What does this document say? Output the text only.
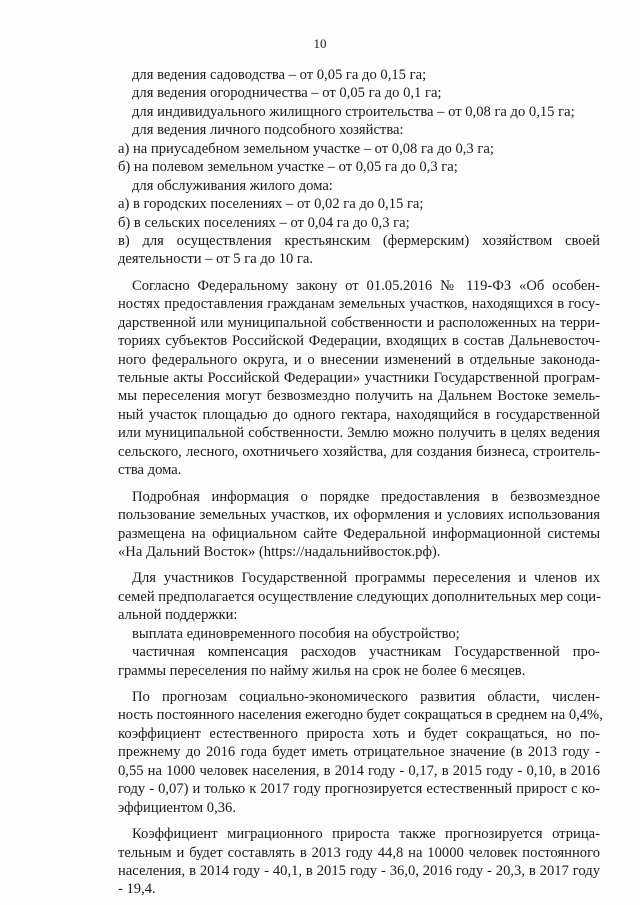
10
для ведения садоводства – от 0,05 га до 0,15 га;
для ведения огородничества – от 0,05 га до 0,1 га;
для индивидуального жилищного строительства – от 0,08 га до 0,15 га;
для ведения личного подсобного хозяйства:
а) на приусадебном земельном участке – от 0,08 га до 0,3 га;
б) на полевом земельном участке – от 0,05 га до 0,3 га;
для обслуживания жилого дома:
а) в городских поселениях – от 0,02 га до 0,15 га;
б) в сельских поселениях – от 0,04 га до 0,3 га;
в) для осуществления крестьянским (фермерским) хозяйством своей
деятельности – от 5 га до 10 га.
Согласно Федеральному закону от 01.05.2016 № 119-ФЗ «Об особен-
ностях предоставления гражданам земельных участков, находящихся в госу-
дарственной или муниципальной собственности и расположенных на терри-
ториях субъектов Российской Федерации, входящих в состав Дальневосточ-
ного федерального округа, и о внесении изменений в отдельные законода-
тельные акты Российской Федерации» участники Государственной програм-
мы переселения могут безвозмездно получить на Дальнем Востоке земель-
ный участок площадью до одного гектара, находящийся в государственной
или муниципальной собственности. Землю можно получить в целях ведения
сельского, лесного, охотничьего хозяйства, для создания бизнеса, строитель-
ства дома.
Подробная информация о порядке предоставления в безвозмездное
пользование земельных участков, их оформления и условиях использования
размещена на официальном сайте Федеральной информационной системы
«На Дальний Восток» (https://надальнийвосток.рф).
Для участников Государственной программы переселения и членов их
семей предполагается осуществление следующих дополнительных мер соци-
альной поддержки:
выплата единовременного пособия на обустройство;
частичная компенсация расходов участникам Государственной про-
граммы переселения по найму жилья на срок не более 6 месяцев.
По прогнозам социально-экономического развития области, числен-
ность постоянного населения ежегодно будет сокращаться в среднем на 0,4%,
коэффициент естественного прироста хоть и будет сокращаться, но по-
прежнему до 2016 года будет иметь отрицательное значение (в 2013 году -
0,55 на 1000 человек населения, в 2014 году - 0,17, в 2015 году - 0,10, в 2016
году - 0,07) и только к 2017 году прогнозируется естественный прирост с ко-
эффициентом 0,36.
Коэффициент миграционного прироста также прогнозируется отрица-
тельным и будет составлять в 2013 году 44,8 на 10000 человек постоянного
населения, в 2014 году - 40,1, в 2015 году - 36,0, 2016 году - 20,3, в 2017 году
- 19,4.
